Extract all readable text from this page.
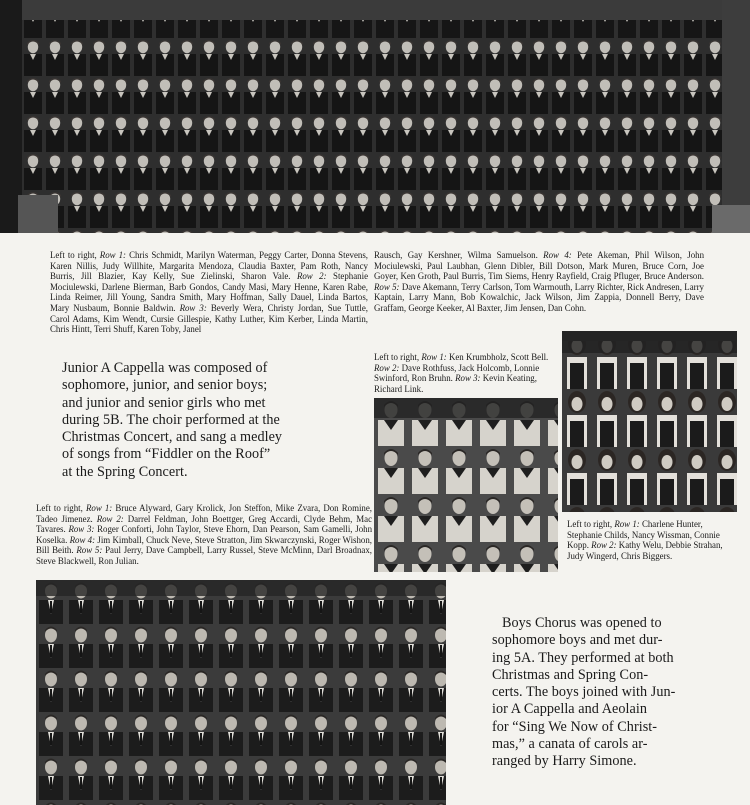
Left to right, Row 1: Chris Schmidt, Marilyn Waterman, Peggy Carter, Donna Stevens, Karen Nillis, Judy Willhite, Margarita Mendoza, Claudia Baxter, Pam Roth, Nancy Burris, Jill Blazier, Kay Kelly, Sue Zielinski, Sharon Vale. Row 2: Stephanie Mociulewski, Darlene Bierman, Barb Gondos, Candy Masi, Mary Henne, Karen Rabe, Linda Reimer, Jill Young, Sandra Smith, Mary Hoffman, Sally Dauel, Linda Bartos, Mary Nusbaum, Bonnie Baldwin. Row 3: Beverly Wera, Christy Jordan, Sue Tuttle, Carol Adams, Kim Wendt, Cursie Gillespie, Kathy Luther, Kim Kerber, Linda Martin, Chris Hintt, Terri Shuff, Karen Toby, Janel

Rausch, Gay Kershner, Wilma Samuelson. Row 4: Pete Akeman, Phil Wilson, John Mociulewski, Paul Laubhan, Glenn Dibler, Bill Dotson, Mark Muren, Bruce Corn, Joe Goyer, Ken Groth, Paul Burris, Tim Siems, Henry Rayfield, Craig Pfluger, Bruce Anderson. Row 5: Dave Akemann, Terry Carlson, Tom Warmouth, Larry Richter, Rick Andresen, Larry Kaptain, Larry Mann, Bob Kowalchic, Jack Wilson, Jim Zappia, Donnell Berry, Dave Graffam, George Keeker, Al Baxter, Jim Jensen, Dan Cohn.

Junior A Cappella was composed of
sophomore, junior, and senior boys;
and junior and senior girls who met
during 5B. The choir performed at the
Christmas Concert, and sang a medley
of songs from “Fiddler on the Roof”
at the Spring Concert.

Left to right, Row 1: Ken Krumbholz, Scott Bell. Row 2: Dave Rothfuss, Jack Holcomb, Lonnie Swinford, Ron Bruhn. Row 3: Kevin Keating, Richard Link.

Left to right, Row 1: Charlene Hunter, Stephanie Childs, Nancy Wissman, Connie Kopp. Row 2: Kathy Welu, Debbie Strahan, Judy Wingerd, Chris Biggers.

Left to right, Row 1: Bruce Alyward, Gary Krolick, Jon Steffon, Mike Zvara, Don Romine, Tadeo Jimenez. Row 2: Darrel Feldman, John Boettger, Greg Accardi, Clyde Behm, Mac Tavares. Row 3: Roger Conforti, John Taylor, Steve Ehorn, Dan Pearson, Sam Gamelli, John Koselka. Row 4: Jim Kimball, Chuck Neve, Steve Stratton, Jim Skwarczynski, Roger Wishon, Bill Beith. Row 5: Paul Jerry, Dave Campbell, Larry Russel, Steve McMinn, Darl Broadnax, Steve Blackwell, Ron Julian.

Boys Chorus was opened to
sophomore boys and met dur-
ing 5A. They performed at both
Christmas and Spring Con-
certs. The boys joined with Jun-
ior A Cappella and Aeolain
for “Sing We Now of Christ-
mas,” a canata of carols ar-
ranged by Harry Simone.
